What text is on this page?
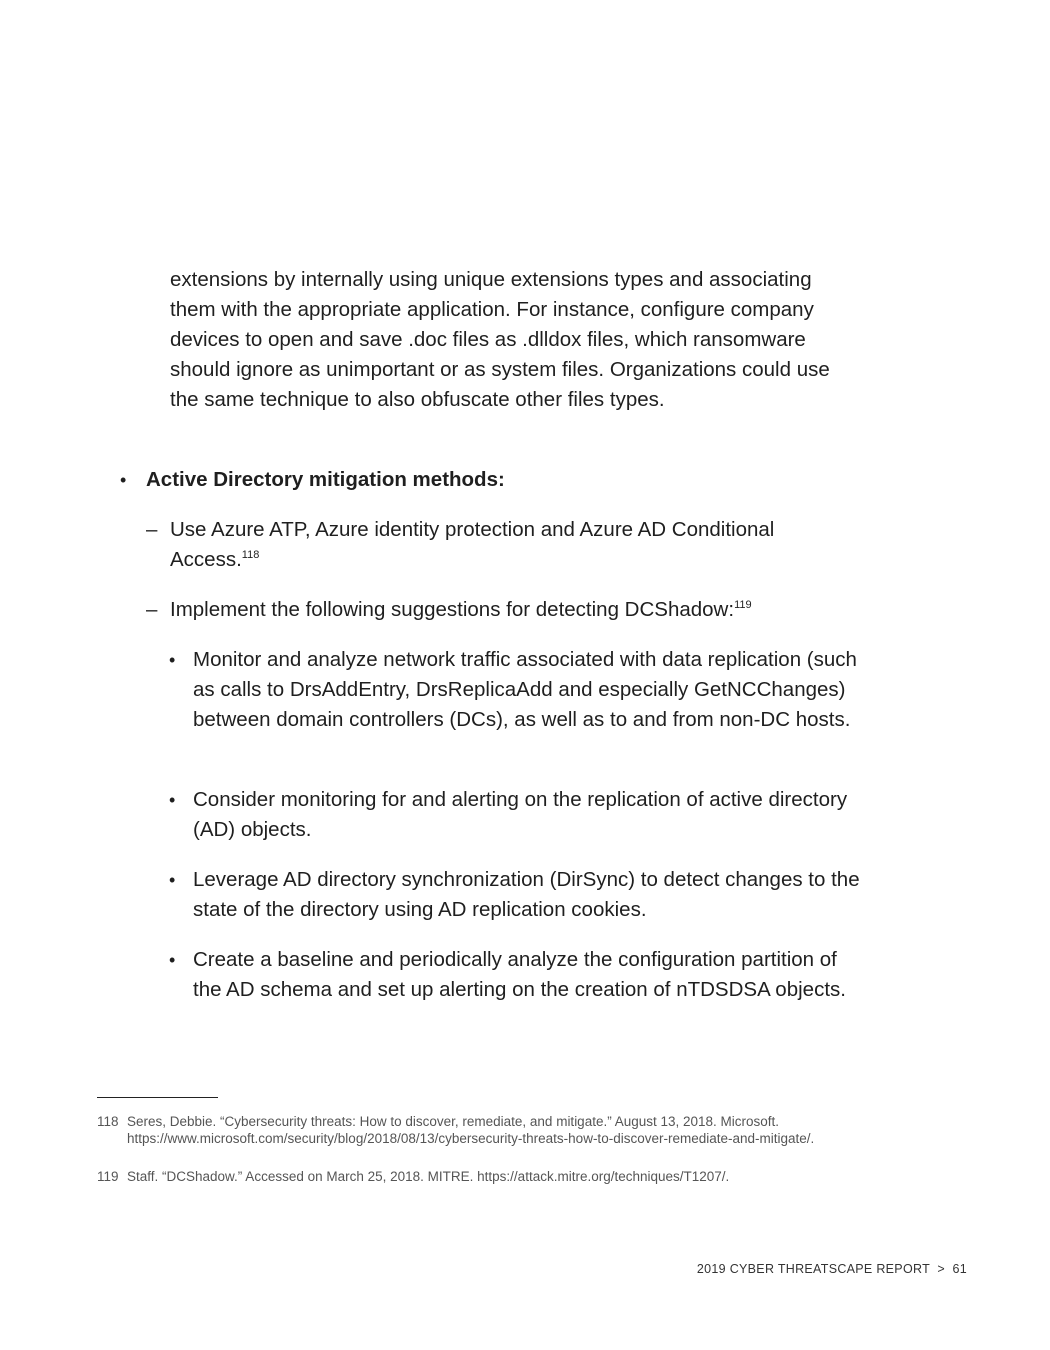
extensions by internally using unique extensions types and associating them with the appropriate application. For instance, configure company devices to open and save .doc files as .dlldox files, which ransomware should ignore as unimportant or as system files. Organizations could use the same technique to also obfuscate other files types.
• Active Directory mitigation methods:
– Use Azure ATP, Azure identity protection and Azure AD Conditional Access.$^{118}$
– Implement the following suggestions for detecting DCShadow:$^{119}$
• Monitor and analyze network traffic associated with data replication (such as calls to DrsAddEntry, DrsReplicaAdd and especially GetNCChanges) between domain controllers (DCs), as well as to and from non-DC hosts.
• Consider monitoring for and alerting on the replication of active directory (AD) objects.
• Leverage AD directory synchronization (DirSync) to detect changes to the state of the directory using AD replication cookies.
• Create a baseline and periodically analyze the configuration partition of the AD schema and set up alerting on the creation of nTDSDSA objects.
118 Seres, Debbie. “Cybersecurity threats: How to discover, remediate, and mitigate.” August 13, 2018. Microsoft. https://www.microsoft.com/security/blog/2018/08/13/cybersecurity-threats-how-to-discover-remediate-and-mitigate/.
119 Staff. “DCShadow.” Accessed on March 25, 2018. MITRE. https://attack.mitre.org/techniques/T1207/.
2019 CYBER THREATSCAPE REPORT > 61
